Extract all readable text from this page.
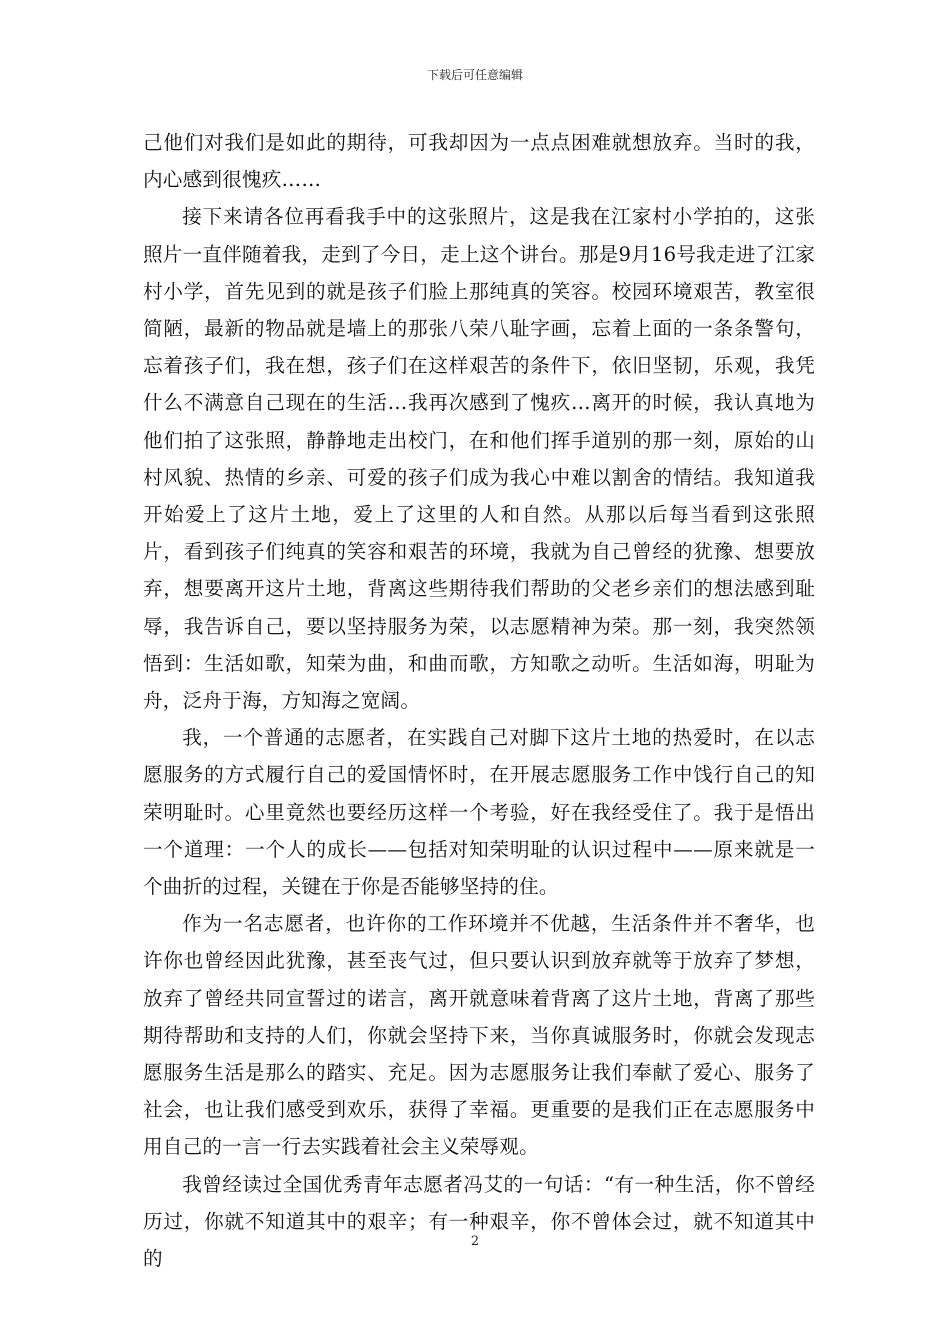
下载后可任意编辑

己他们对我们是如此的期待，可我却因为一点点困难就想放弃。当时的我，内心感到很愧疚……

接下来请各位再看我手中的这张照片，这是我在江家村小学拍的，这张照片一直伴随着我，走到了今日，走上这个讲台。那是9月16号我走进了江家村小学，首先见到的就是孩子们脸上那纯真的笑容。校园环境艰苦，教室很简陋，最新的物品就是墙上的那张八荣八耻字画，忘着上面的一条条警句，忘着孩子们，我在想，孩子们在这样艰苦的条件下，依旧坚韧，乐观，我凭什么不满意自己现在的生活…我再次感到了愧疚…离开的时候，我认真地为他们拍了这张照，静静地走出校门，在和他们挥手道别的那一刻，原始的山村风貌、热情的乡亲、可爱的孩子们成为我心中难以割舍的情结。我知道我开始爱上了这片土地，爱上了这里的人和自然。从那以后每当看到这张照片，看到孩子们纯真的笑容和艰苦的环境，我就为自己曾经的犹豫、想要放弃，想要离开这片土地，背离这些期待我们帮助的父老乡亲们的想法感到耻辱，我告诉自己，要以坚持服务为荣，以志愿精神为荣。那一刻，我突然领悟到：生活如歌，知荣为曲，和曲而歌，方知歌之动听。生活如海，明耻为舟，泛舟于海，方知海之宽阔。

我，一个普通的志愿者，在实践自己对脚下这片土地的热爱时，在以志愿服务的方式履行自己的爱国情怀时，在开展志愿服务工作中饯行自己的知荣明耻时。心里竟然也要经历这样一个考验，好在我经受住了。我于是悟出一个道理：一个人的成长——包括对知荣明耻的认识过程中——原来就是一个曲折的过程，关键在于你是否能够坚持的住。

作为一名志愿者，也许你的工作环境并不优越，生活条件并不奢华，也许你也曾经因此犹豫，甚至丧气过，但只要认识到放弃就等于放弃了梦想，放弃了曾经共同宣誓过的诺言，离开就意味着背离了这片土地，背离了那些期待帮助和支持的人们，你就会坚持下来，当你真诚服务时，你就会发现志愿服务生活是那么的踏实、充足。因为志愿服务让我们奉献了爱心、服务了社会，也让我们感受到欢乐，获得了幸福。更重要的是我们正在志愿服务中用自己的一言一行去实践着社会主义荣辱观。

我曾经读过全国优秀青年志愿者冯艾的一句话：“有一种生活，你不曾经历过，你就不知道其中的艰辛；有一种艰辛，你不曾体会过，就不知道其中的

2
